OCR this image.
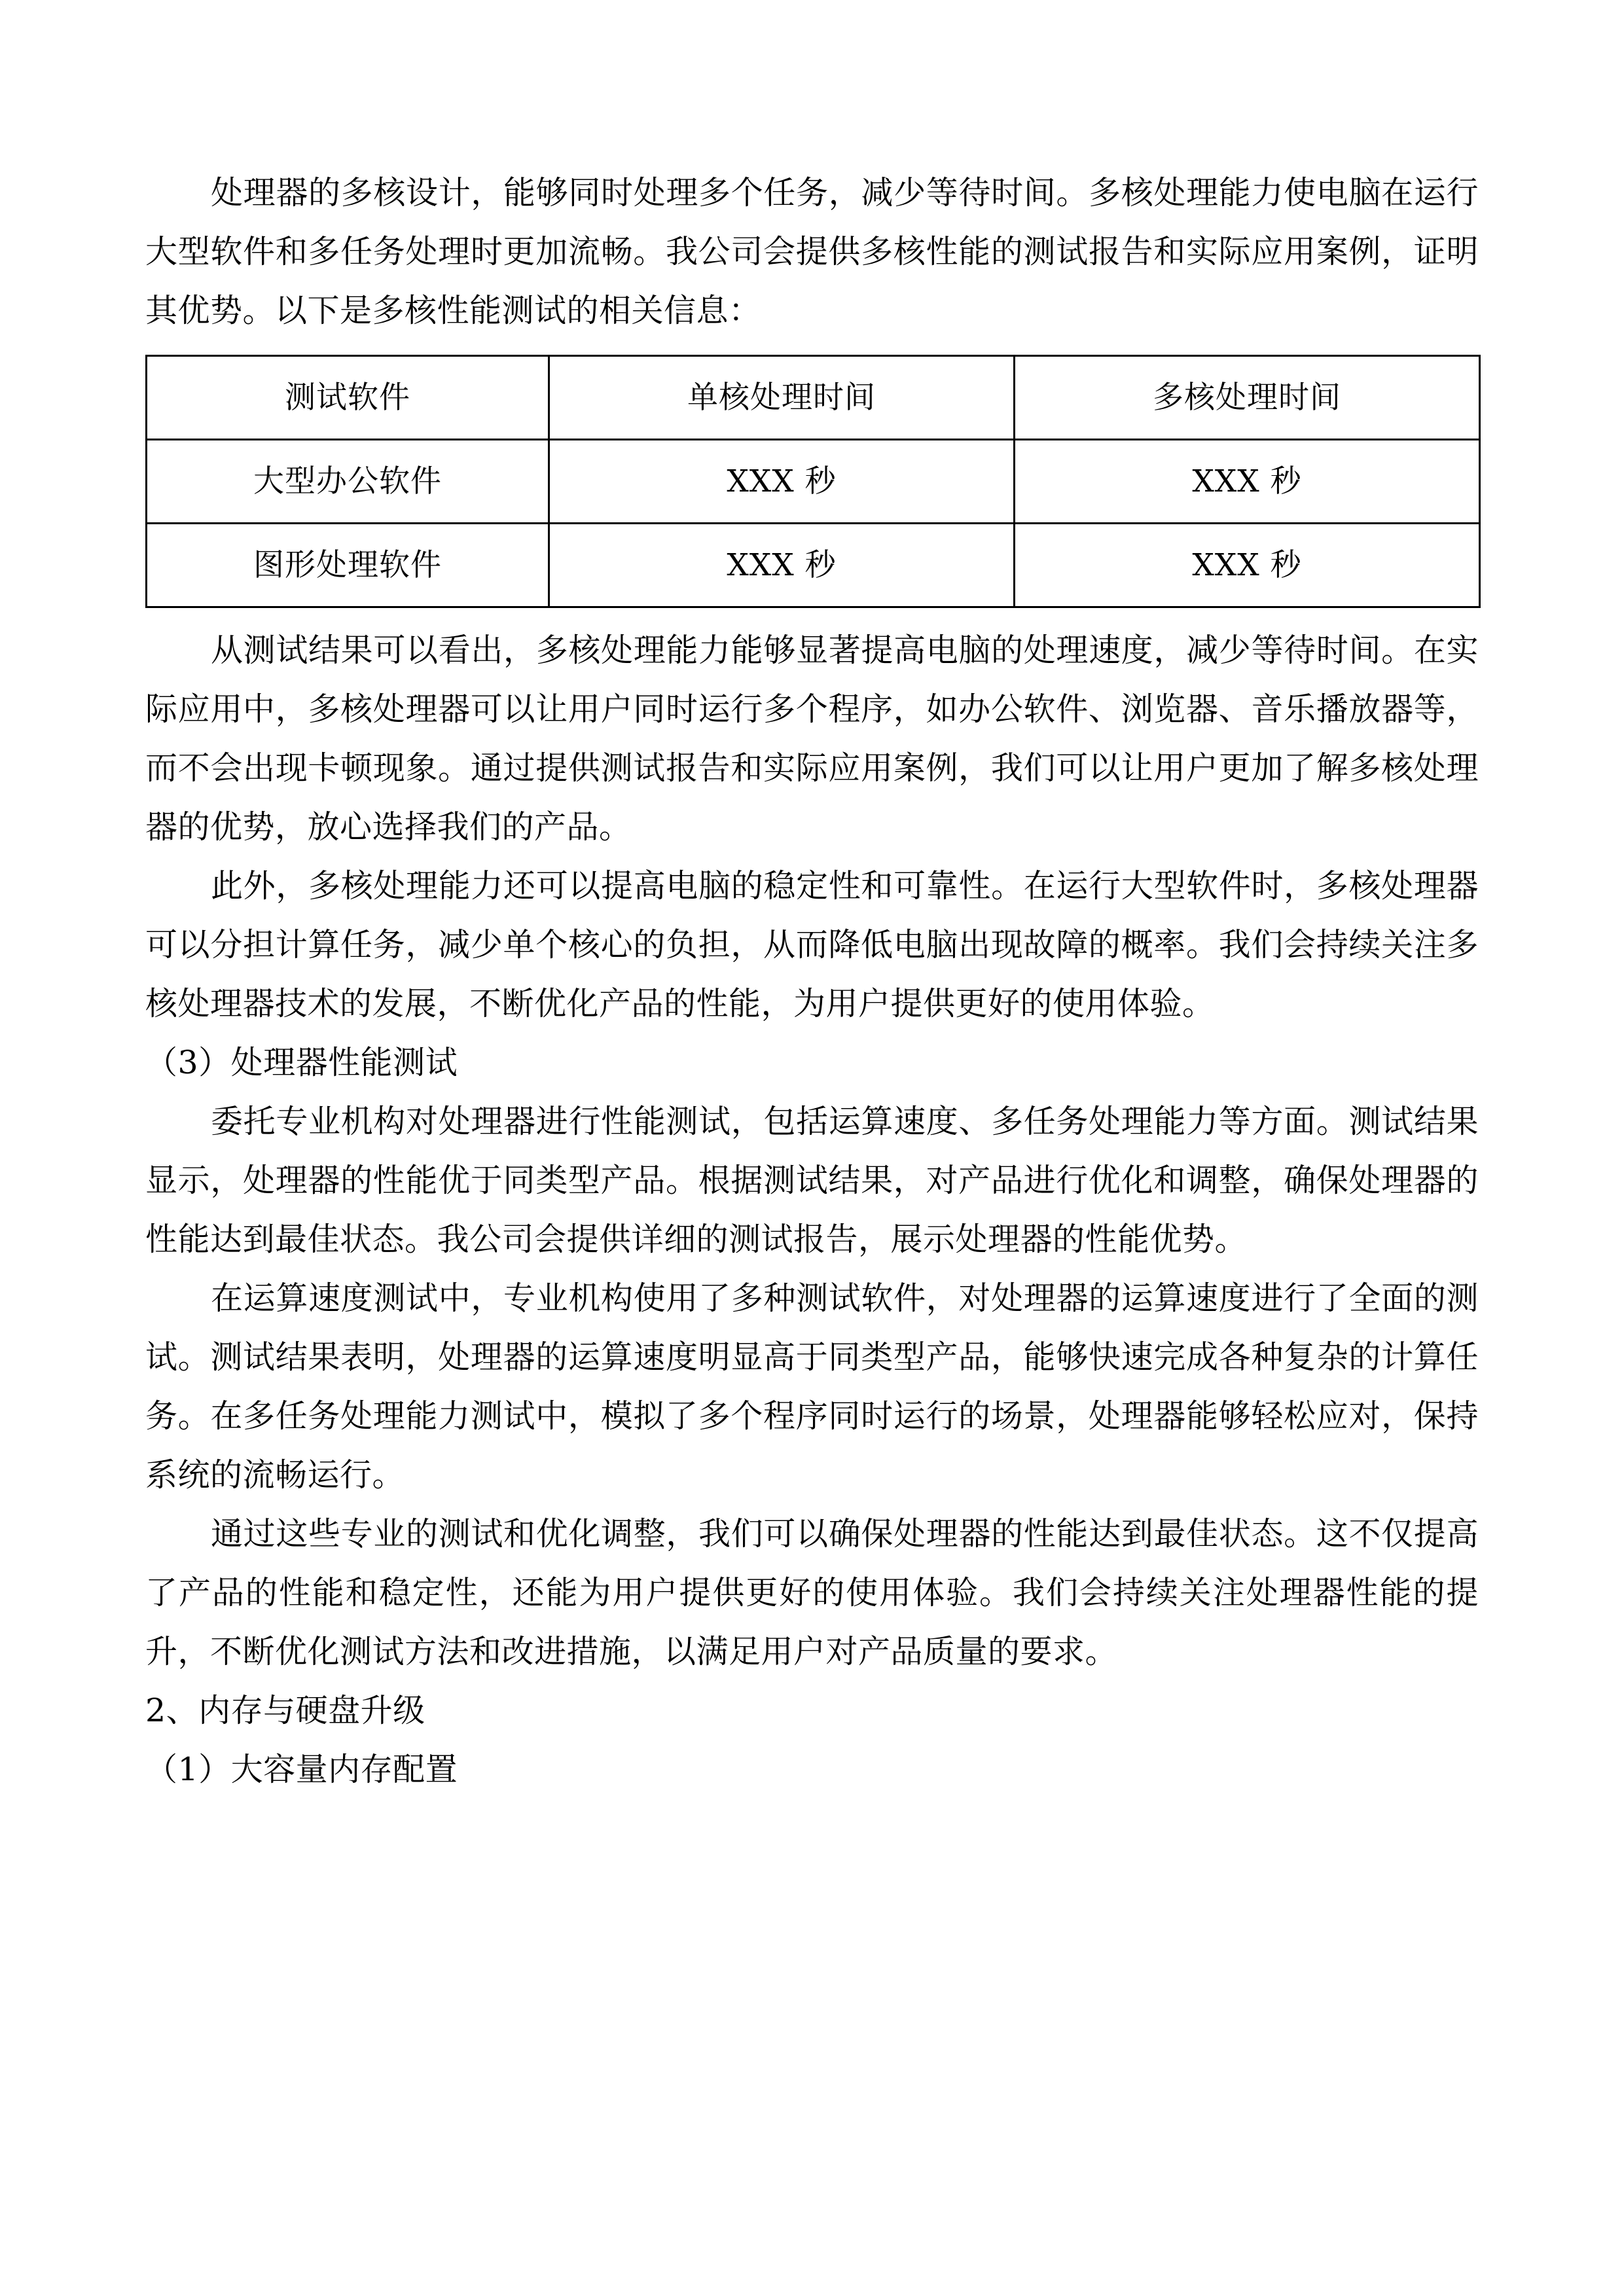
处理器的多核设计，能够同时处理多个任务，减少等待时间。多核处理能力使电脑在运行大型软件和多任务处理时更加流畅。我公司会提供多核性能的测试报告和实际应用案例，证明其优势。以下是多核性能测试的相关信息：

测试软件	单核处理时间	多核处理时间

大型办公软件	XXX 秒	XXX 秒

图形处理软件	XXX 秒	XXX 秒

从测试结果可以看出，多核处理能力能够显著提高电脑的处理速度，减少等待时间。在实际应用中，多核处理器可以让用户同时运行多个程序，如办公软件、浏览器、音乐播放器等，而不会出现卡顿现象。通过提供测试报告和实际应用案例，我们可以让用户更加了解多核处理器的优势，放心选择我们的产品。

此外，多核处理能力还可以提高电脑的稳定性和可靠性。在运行大型软件时，多核处理器可以分担计算任务，减少单个核心的负担，从而降低电脑出现故障的概率。我们会持续关注多核处理器技术的发展，不断优化产品的性能，为用户提供更好的使用体验。

（3）处理器性能测试

委托专业机构对处理器进行性能测试，包括运算速度、多任务处理能力等方面。测试结果显示，处理器的性能优于同类型产品。根据测试结果，对产品进行优化和调整，确保处理器的性能达到最佳状态。我公司会提供详细的测试报告，展示处理器的性能优势。

在运算速度测试中，专业机构使用了多种测试软件，对处理器的运算速度进行了全面的测试。测试结果表明，处理器的运算速度明显高于同类型产品，能够快速完成各种复杂的计算任务。在多任务处理能力测试中，模拟了多个程序同时运行的场景，处理器能够轻松应对，保持系统的流畅运行。

通过这些专业的测试和优化调整，我们可以确保处理器的性能达到最佳状态。这不仅提高了产品的性能和稳定性，还能为用户提供更好的使用体验。我们会持续关注处理器性能的提升，不断优化测试方法和改进措施，以满足用户对产品质量的要求。

2、内存与硬盘升级

（1）大容量内存配置
